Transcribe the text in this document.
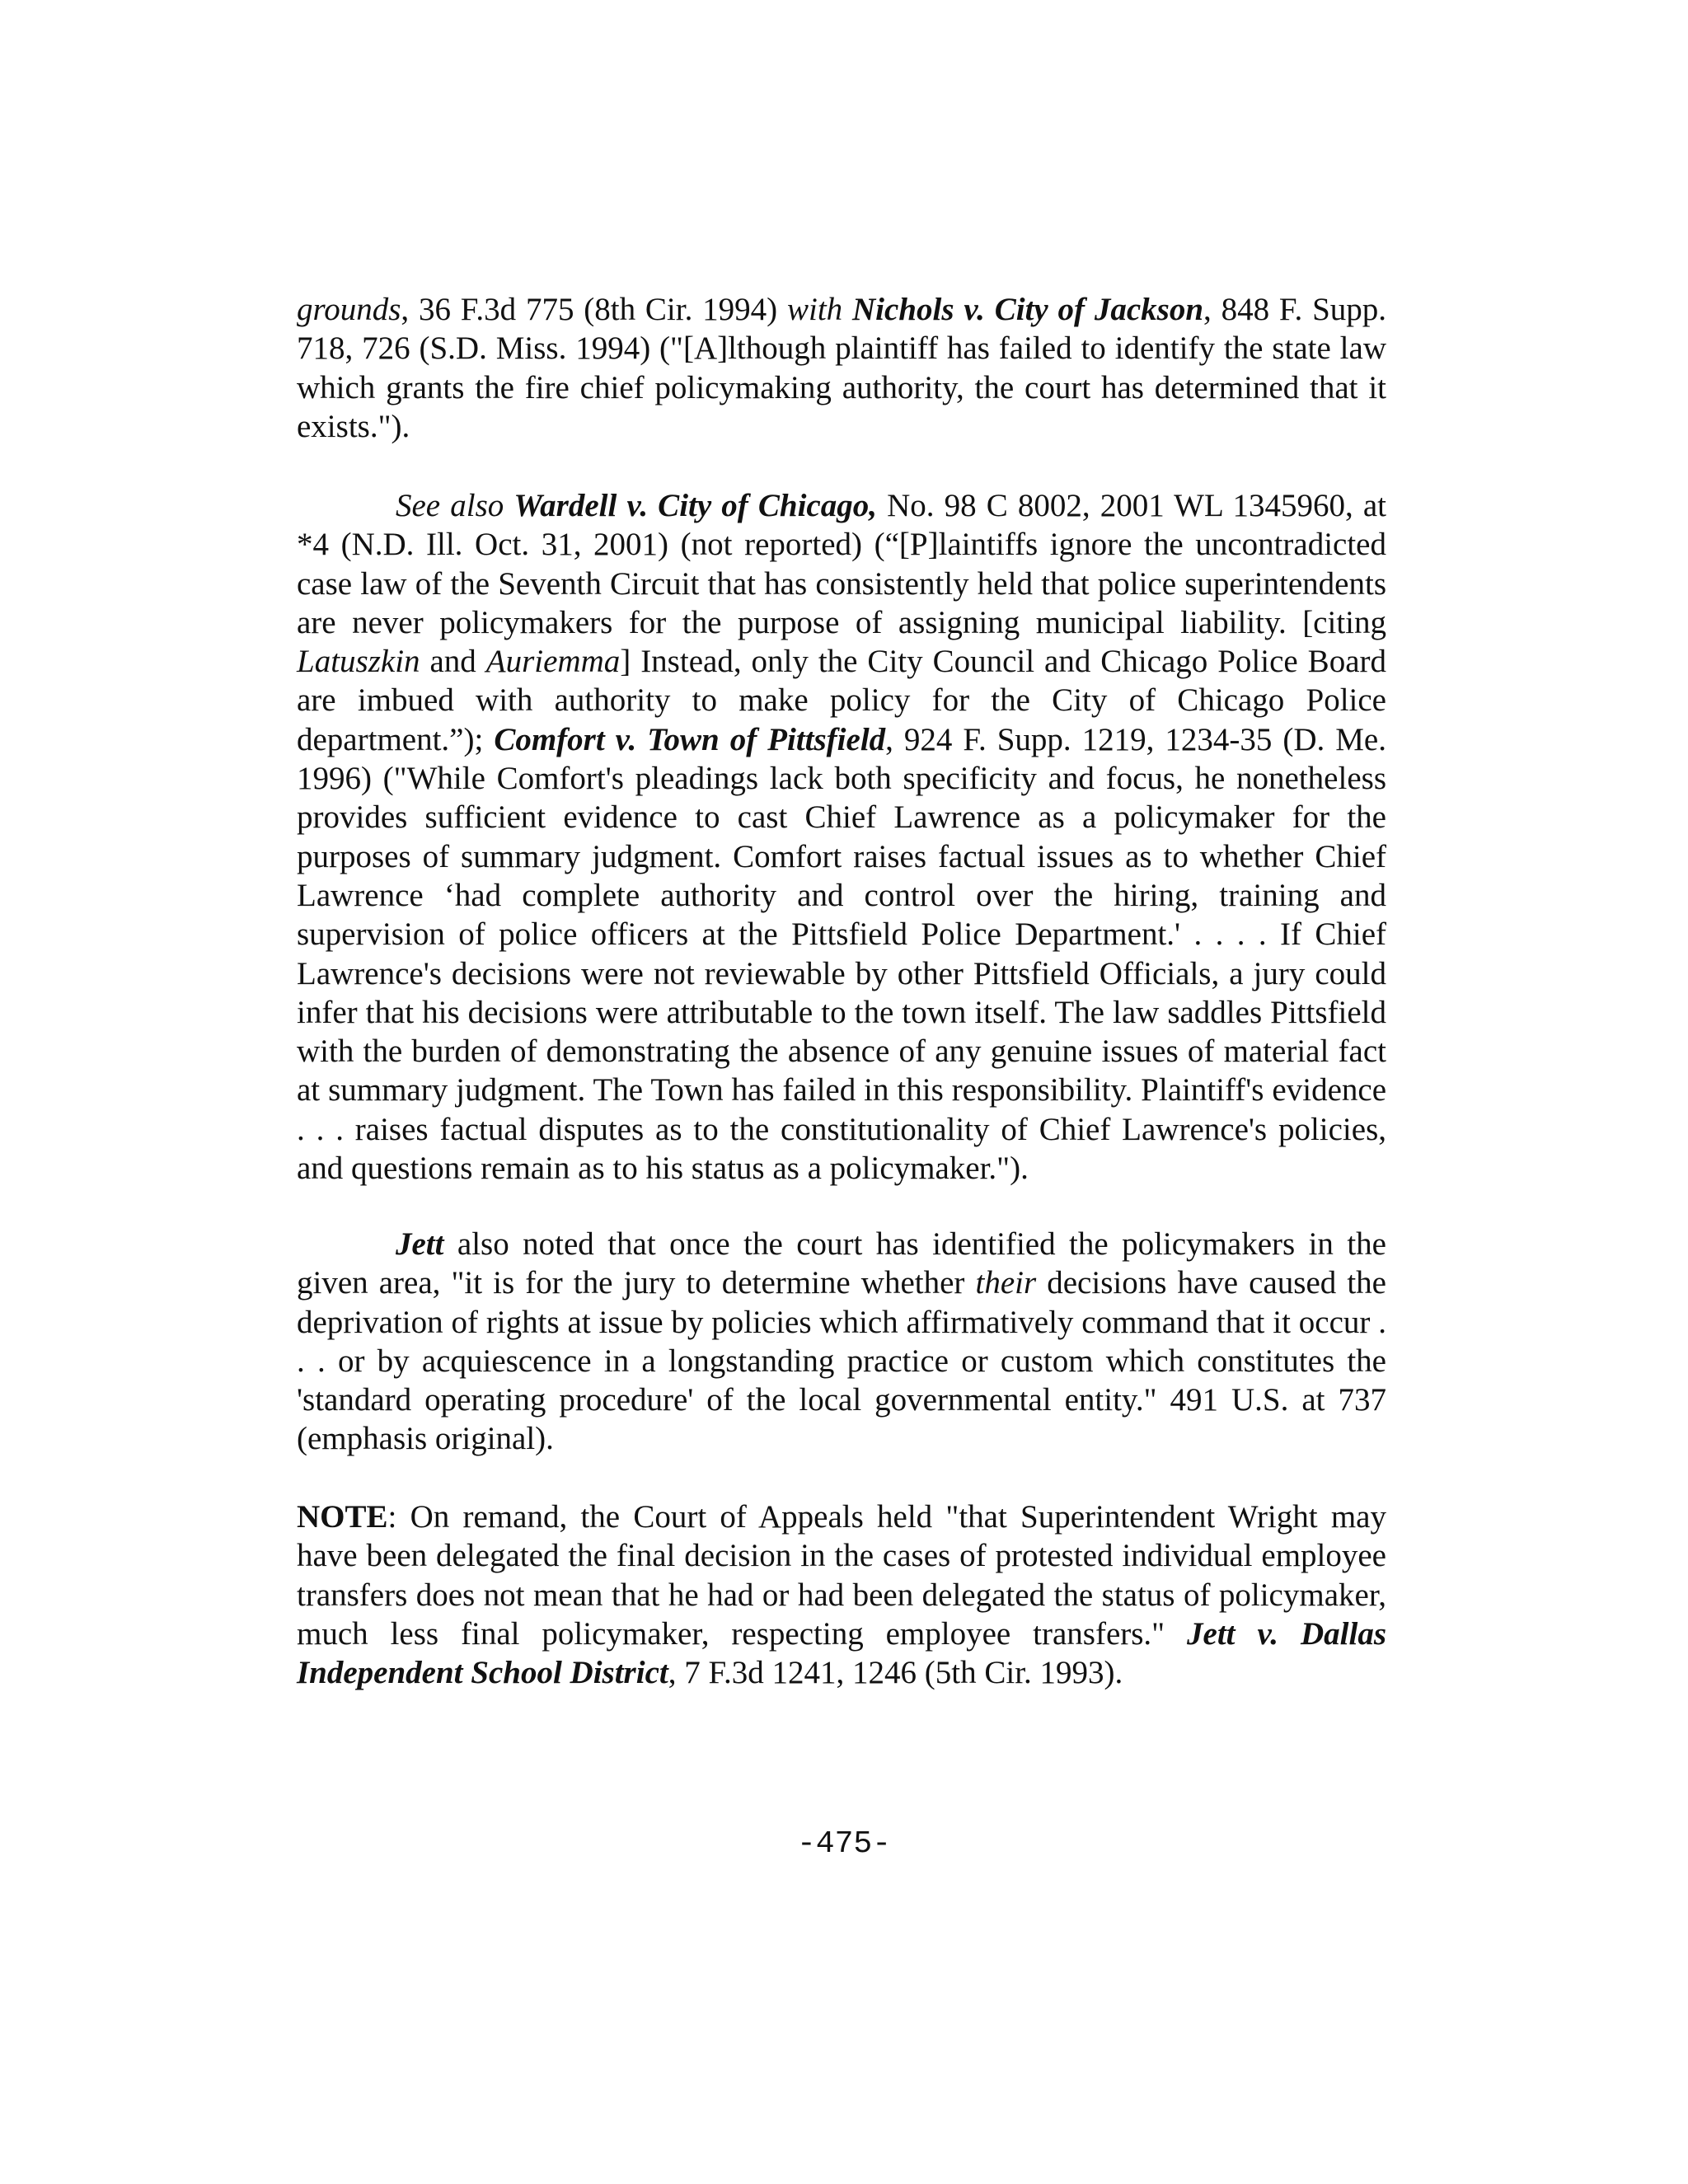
grounds, 36 F.3d 775 (8th Cir. 1994) with Nichols v. City of Jackson, 848 F. Supp. 718, 726 (S.D. Miss. 1994) ("[A]lthough plaintiff has failed to identify the state law which grants the fire chief policymaking authority, the court has determined that it exists.").

See also Wardell v. City of Chicago, No. 98 C 8002, 2001 WL 1345960, at *4 (N.D. Ill. Oct. 31, 2001) (not reported) (“[P]laintiffs ignore the uncontradicted case law of the Seventh Circuit that has consistently held that police superintendents are never policymakers for the purpose of assigning municipal liability. [citing Latuszkin and Auriemma] Instead, only the City Council and Chicago Police Board are imbued with authority to make policy for the City of Chicago Police department.”); Comfort v. Town of Pittsfield, 924 F. Supp. 1219, 1234-35 (D. Me. 1996) ("While Comfort's pleadings lack both specificity and focus, he nonetheless provides sufficient evidence to cast Chief Lawrence as a policymaker for the purposes of summary judgment. Comfort raises factual issues as to whether Chief Lawrence ‘had complete authority and control over the hiring, training and supervision of police officers at the Pittsfield Police Department.' . . . . If Chief Lawrence's decisions were not reviewable by other Pittsfield Officials, a jury could infer that his decisions were attributable to the town itself. The law saddles Pittsfield with the burden of demonstrating the absence of any genuine issues of material fact at summary judgment. The Town has failed in this responsibility. Plaintiff's evidence . . . raises factual disputes as to the constitutionality of Chief Lawrence's policies, and questions remain as to his status as a policymaker.").

Jett also noted that once the court has identified the policymakers in the given area, "it is for the jury to determine whether their decisions have caused the deprivation of rights at issue by policies which affirmatively command that it occur . . . or by acquiescence in a longstanding practice or custom which constitutes the 'standard operating procedure' of the local governmental entity." 491 U.S. at 737 (emphasis original).

NOTE: On remand, the Court of Appeals held "that Superintendent Wright may have been delegated the final decision in the cases of protested individual employee transfers does not mean that he had or had been delegated the status of policymaker, much less final policymaker, respecting employee transfers." Jett v. Dallas Independent School District, 7 F.3d 1241, 1246 (5th Cir. 1993).

-475-
